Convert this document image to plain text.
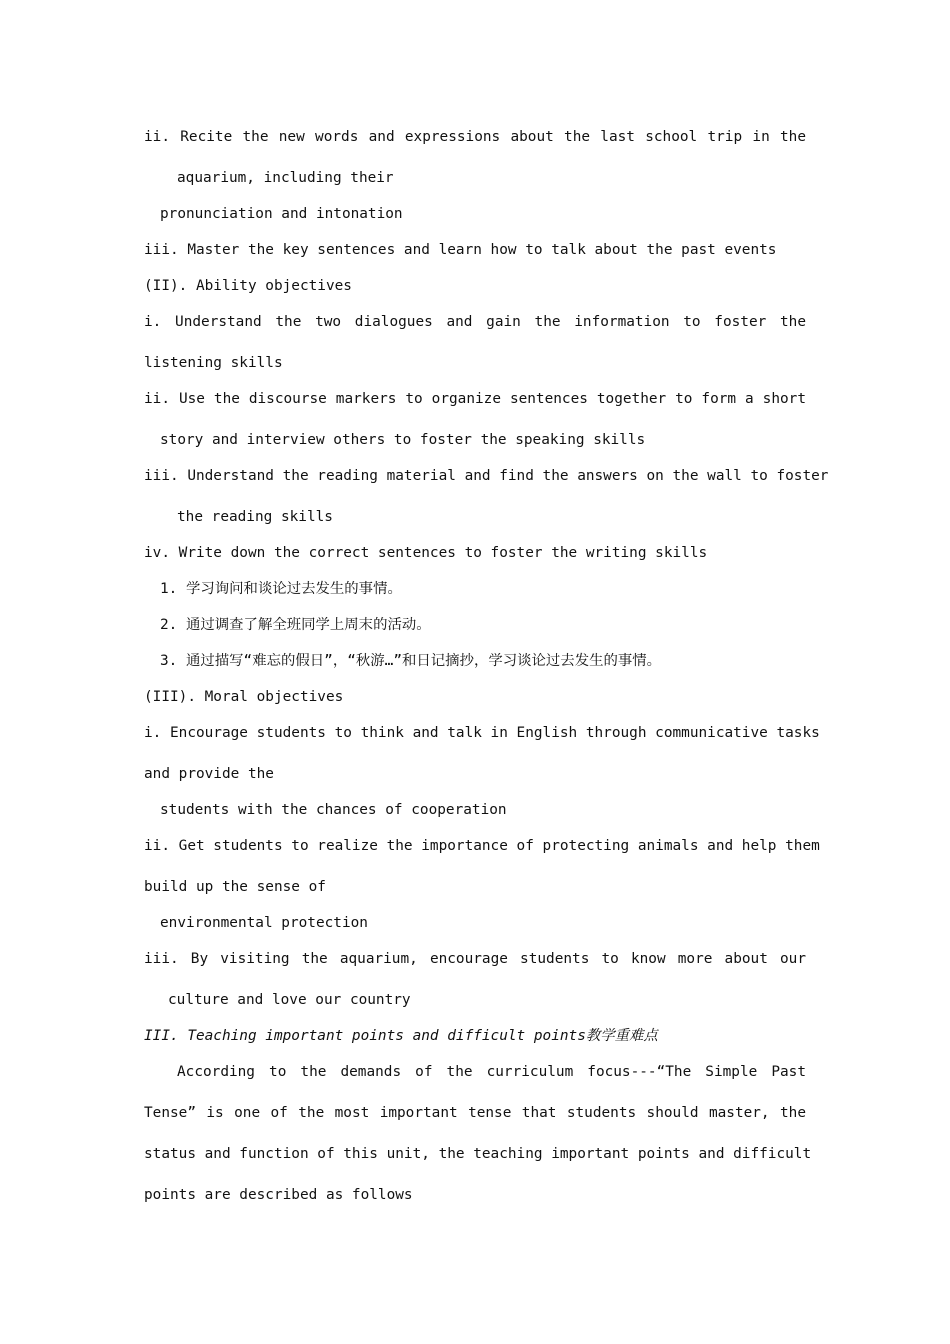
ii. Recite the new words and expressions about the last school trip in the

aquarium, including their

pronunciation and intonation

iii. Master the key sentences and learn how to talk about the past events

(II). Ability objectives

i. Understand the two dialogues and gain the information to foster the

listening skills

ii. Use the discourse markers to organize sentences together to form a short

story and interview others to foster the speaking skills

iii. Understand the reading material and find the answers on the wall to foster

the reading skills

iv. Write down the correct sentences to foster the writing skills

1. 学习询问和谈论过去发生的事情。

2. 通过调查了解全班同学上周末的活动。

3. 通过描写“难忘的假日”，“秋游…”和日记摘抄，学习谈论过去发生的事情。

(III). Moral objectives

i. Encourage students to think and talk in English through communicative tasks

and provide the

students with the chances of cooperation

ii. Get students to realize the importance of protecting animals and help them

build up the sense of

environmental protection

iii. By visiting the aquarium, encourage students to know more about our

culture and love our country

III. Teaching important points and difficult points教学重难点

According to the demands of the curriculum focus---“The Simple Past

Tense” is one of the most important tense that students should master, the

status and function of this unit, the teaching important points and difficult

points are described as follows
